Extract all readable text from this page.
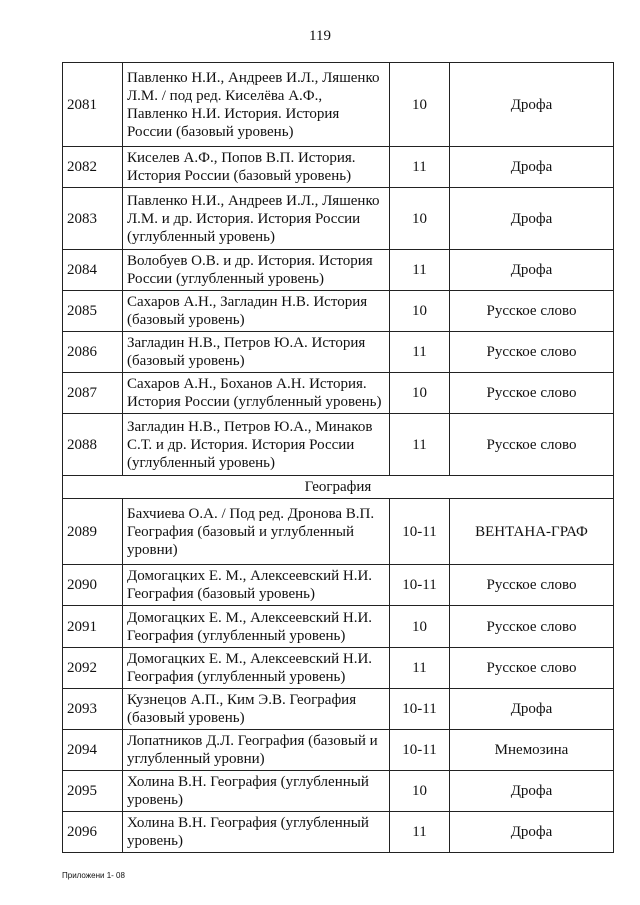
119
2081	Павленко Н.И., Андреев И.Л., Ляшенко Л.М. / под ред. Киселёва А.Ф., Павленко Н.И. История. История России (базовый уровень)	10	Дрофа
2082	Киселев А.Ф., Попов В.П. История. История России (базовый уровень)	11	Дрофа
2083	Павленко Н.И., Андреев И.Л., Ляшенко Л.М. и др. История. История России (углубленный уровень)	10	Дрофа
2084	Волобуев О.В. и др. История. История России (углубленный уровень)	11	Дрофа
2085	Сахаров А.Н., Загладин Н.В. История (базовый уровень)	10	Русское слово
2086	Загладин Н.В., Петров Ю.А. История (базовый уровень)	11	Русское слово
2087	Сахаров А.Н., Боханов А.Н. История. История России (углубленный уровень)	10	Русское слово
2088	Загладин Н.В., Петров Ю.А., Минаков С.Т. и др. История. История России (углубленный уровень)	11	Русское слово
География			
2089	Бахчиева О.А. / Под ред. Дронова В.П. География (базовый и углубленный уровни)	10-11	ВЕНТАНА-ГРАФ
2090	Домогацких Е. М., Алексеевский Н.И. География (базовый уровень)	10-11	Русское слово
2091	Домогацких Е. М., Алексеевский Н.И. География (углубленный уровень)	10	Русское слово
2092	Домогацких Е. М., Алексеевский Н.И. География (углубленный уровень)	11	Русское слово
2093	Кузнецов А.П., Ким Э.В. География (базовый уровень)	10-11	Дрофа
2094	Лопатников Д.Л. География (базовый и углубленный уровни)	10-11	Мнемозина
2095	Холина В.Н. География (углубленный уровень)	10	Дрофа
2096	Холина В.Н. География (углубленный уровень)	11	Дрофа
Приложени 1- 08
